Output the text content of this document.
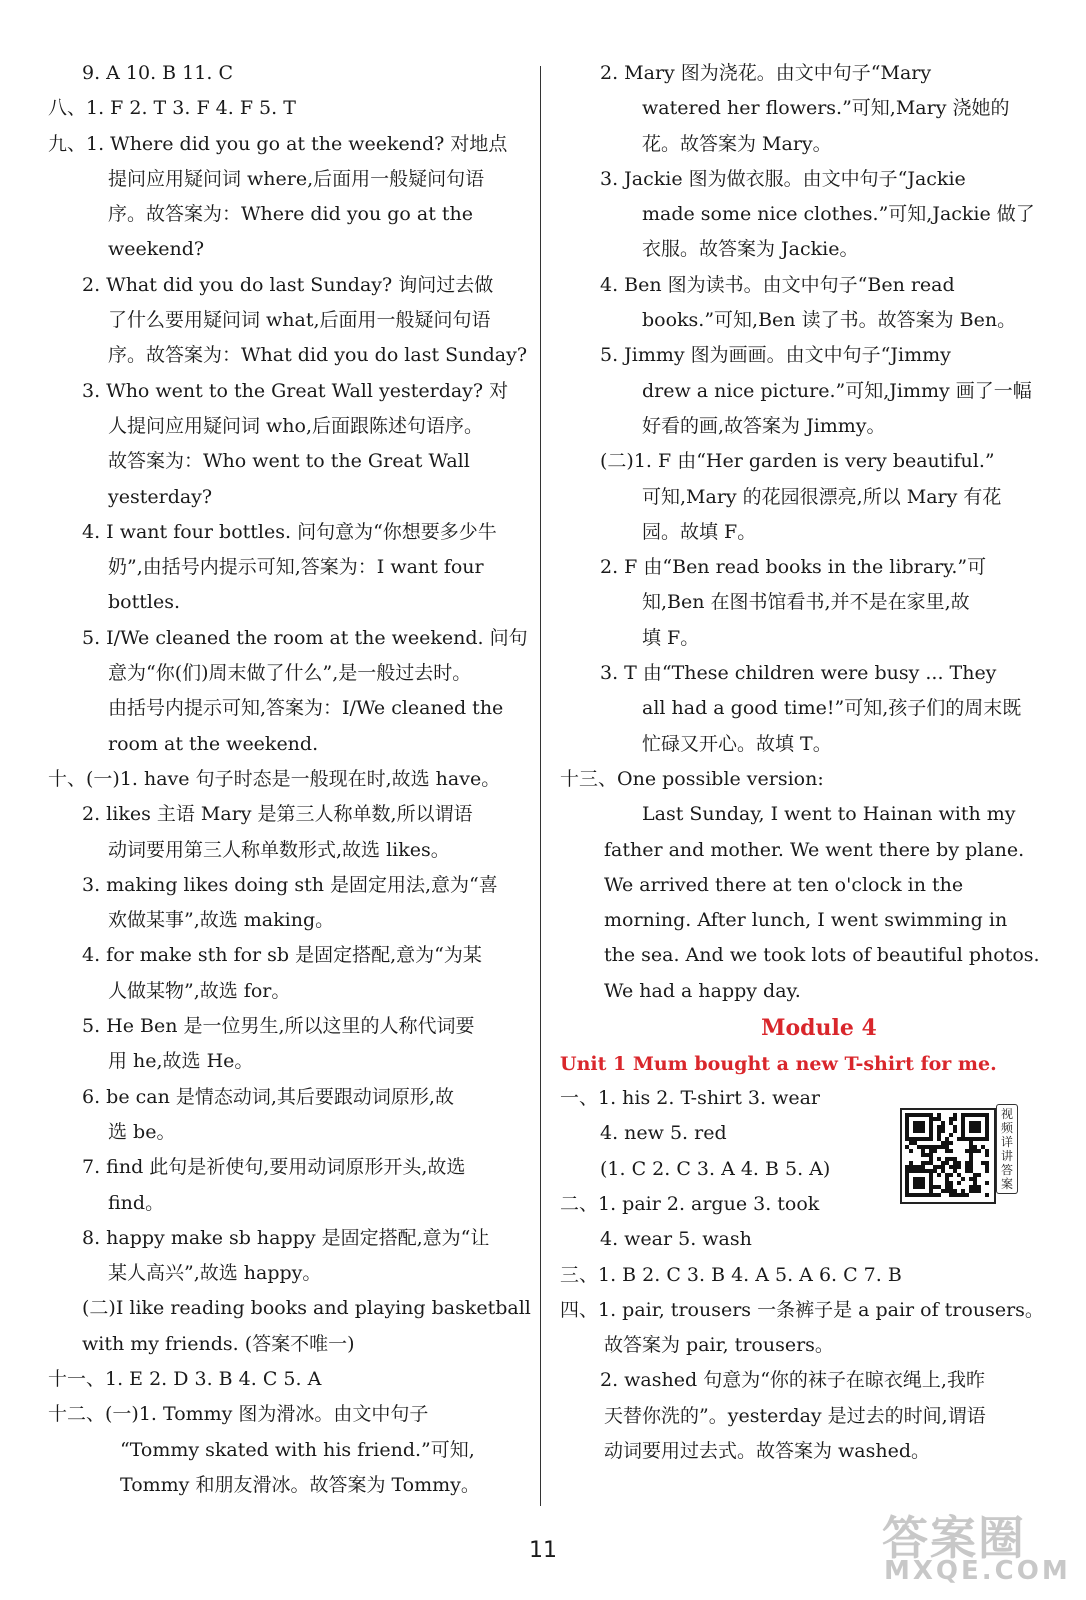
9. A 10. B 11. C
八、1. F 2. T 3. F 4. F 5. T
九、1. Where did you go at the weekend? 对地点
提问应用疑问词 where,后面用一般疑问句语
序。故答案为：Where did you go at the
weekend?
2. What did you do last Sunday? 询问过去做
了什么要用疑问词 what,后面用一般疑问句语
序。故答案为：What did you do last Sunday?
3. Who went to the Great Wall yesterday? 对
人提问应用疑问词 who,后面跟陈述句语序。
故答案为：Who went to the Great Wall
yesterday?
4. I want four bottles. 问句意为“你想要多少牛
奶”,由括号内提示可知,答案为：I want four
bottles.
5. I/We cleaned the room at the weekend. 问句
意为“你(们)周末做了什么”,是一般过去时。
由括号内提示可知,答案为：I/We cleaned the
room at the weekend.
十、(一)1. have 句子时态是一般现在时,故选 have。
2. likes 主语 Mary 是第三人称单数,所以谓语
动词要用第三人称单数形式,故选 likes。
3. making likes doing sth 是固定用法,意为“喜
欢做某事”,故选 making。
4. for make sth for sb 是固定搭配,意为“为某
人做某物”,故选 for。
5. He Ben 是一位男生,所以这里的人称代词要
用 he,故选 He。
6. be can 是情态动词,其后要跟动词原形,故
选 be。
7. find 此句是祈使句,要用动词原形开头,故选
find。
8. happy make sb happy 是固定搭配,意为“让
某人高兴”,故选 happy。
(二)I like reading books and playing basketball
with my friends. (答案不唯一)
十一、1. E 2. D 3. B 4. C 5. A
十二、(一)1. Tommy 图为滑冰。由文中句子
“Tommy skated with his friend.”可知,
Tommy 和朋友滑冰。故答案为 Tommy。
2. Mary 图为浇花。由文中句子“Mary
watered her flowers.”可知,Mary 浇她的
花。故答案为 Mary。
3. Jackie 图为做衣服。由文中句子“Jackie
made some nice clothes.”可知,Jackie 做了
衣服。故答案为 Jackie。
4. Ben 图为读书。由文中句子“Ben read
books.”可知,Ben 读了书。故答案为 Ben。
5. Jimmy 图为画画。由文中句子“Jimmy
drew a nice picture.”可知,Jimmy 画了一幅
好看的画,故答案为 Jimmy。
(二)1. F 由“Her garden is very beautiful.”
可知,Mary 的花园很漂亮,所以 Mary 有花
园。故填 F。
2. F 由“Ben read books in the library.”可
知,Ben 在图书馆看书,并不是在家里,故
填 F。
3. T 由“These children were busy ... They
all had a good time!”可知,孩子们的周末既
忙碌又开心。故填 T。
十三、One possible version:
Last Sunday, I went to Hainan with my
father and mother. We went there by plane.
We arrived there at ten o'clock in the
morning. After lunch, I went swimming in
the sea. And we took lots of beautiful photos.
We had a happy day.
Module 4
Unit 1 Mum bought a new T-shirt for me.
一、1. his 2. T-shirt 3. wear
4. new 5. red
(1. C 2. C 3. A 4. B 5. A)
二、1. pair 2. argue 3. took
4. wear 5. wash
三、1. B 2. C 3. B 4. A 5. A 6. C 7. B
四、1. pair, trousers 一条裤子是 a pair of trousers。
故答案为 pair, trousers。
2. washed 句意为“你的袜子在晾衣绳上,我昨
天替你洗的”。yesterday 是过去的时间,谓语
动词要用过去式。故答案为 washed。
视频详讲答案
11	答案圈
MXQE.COM
